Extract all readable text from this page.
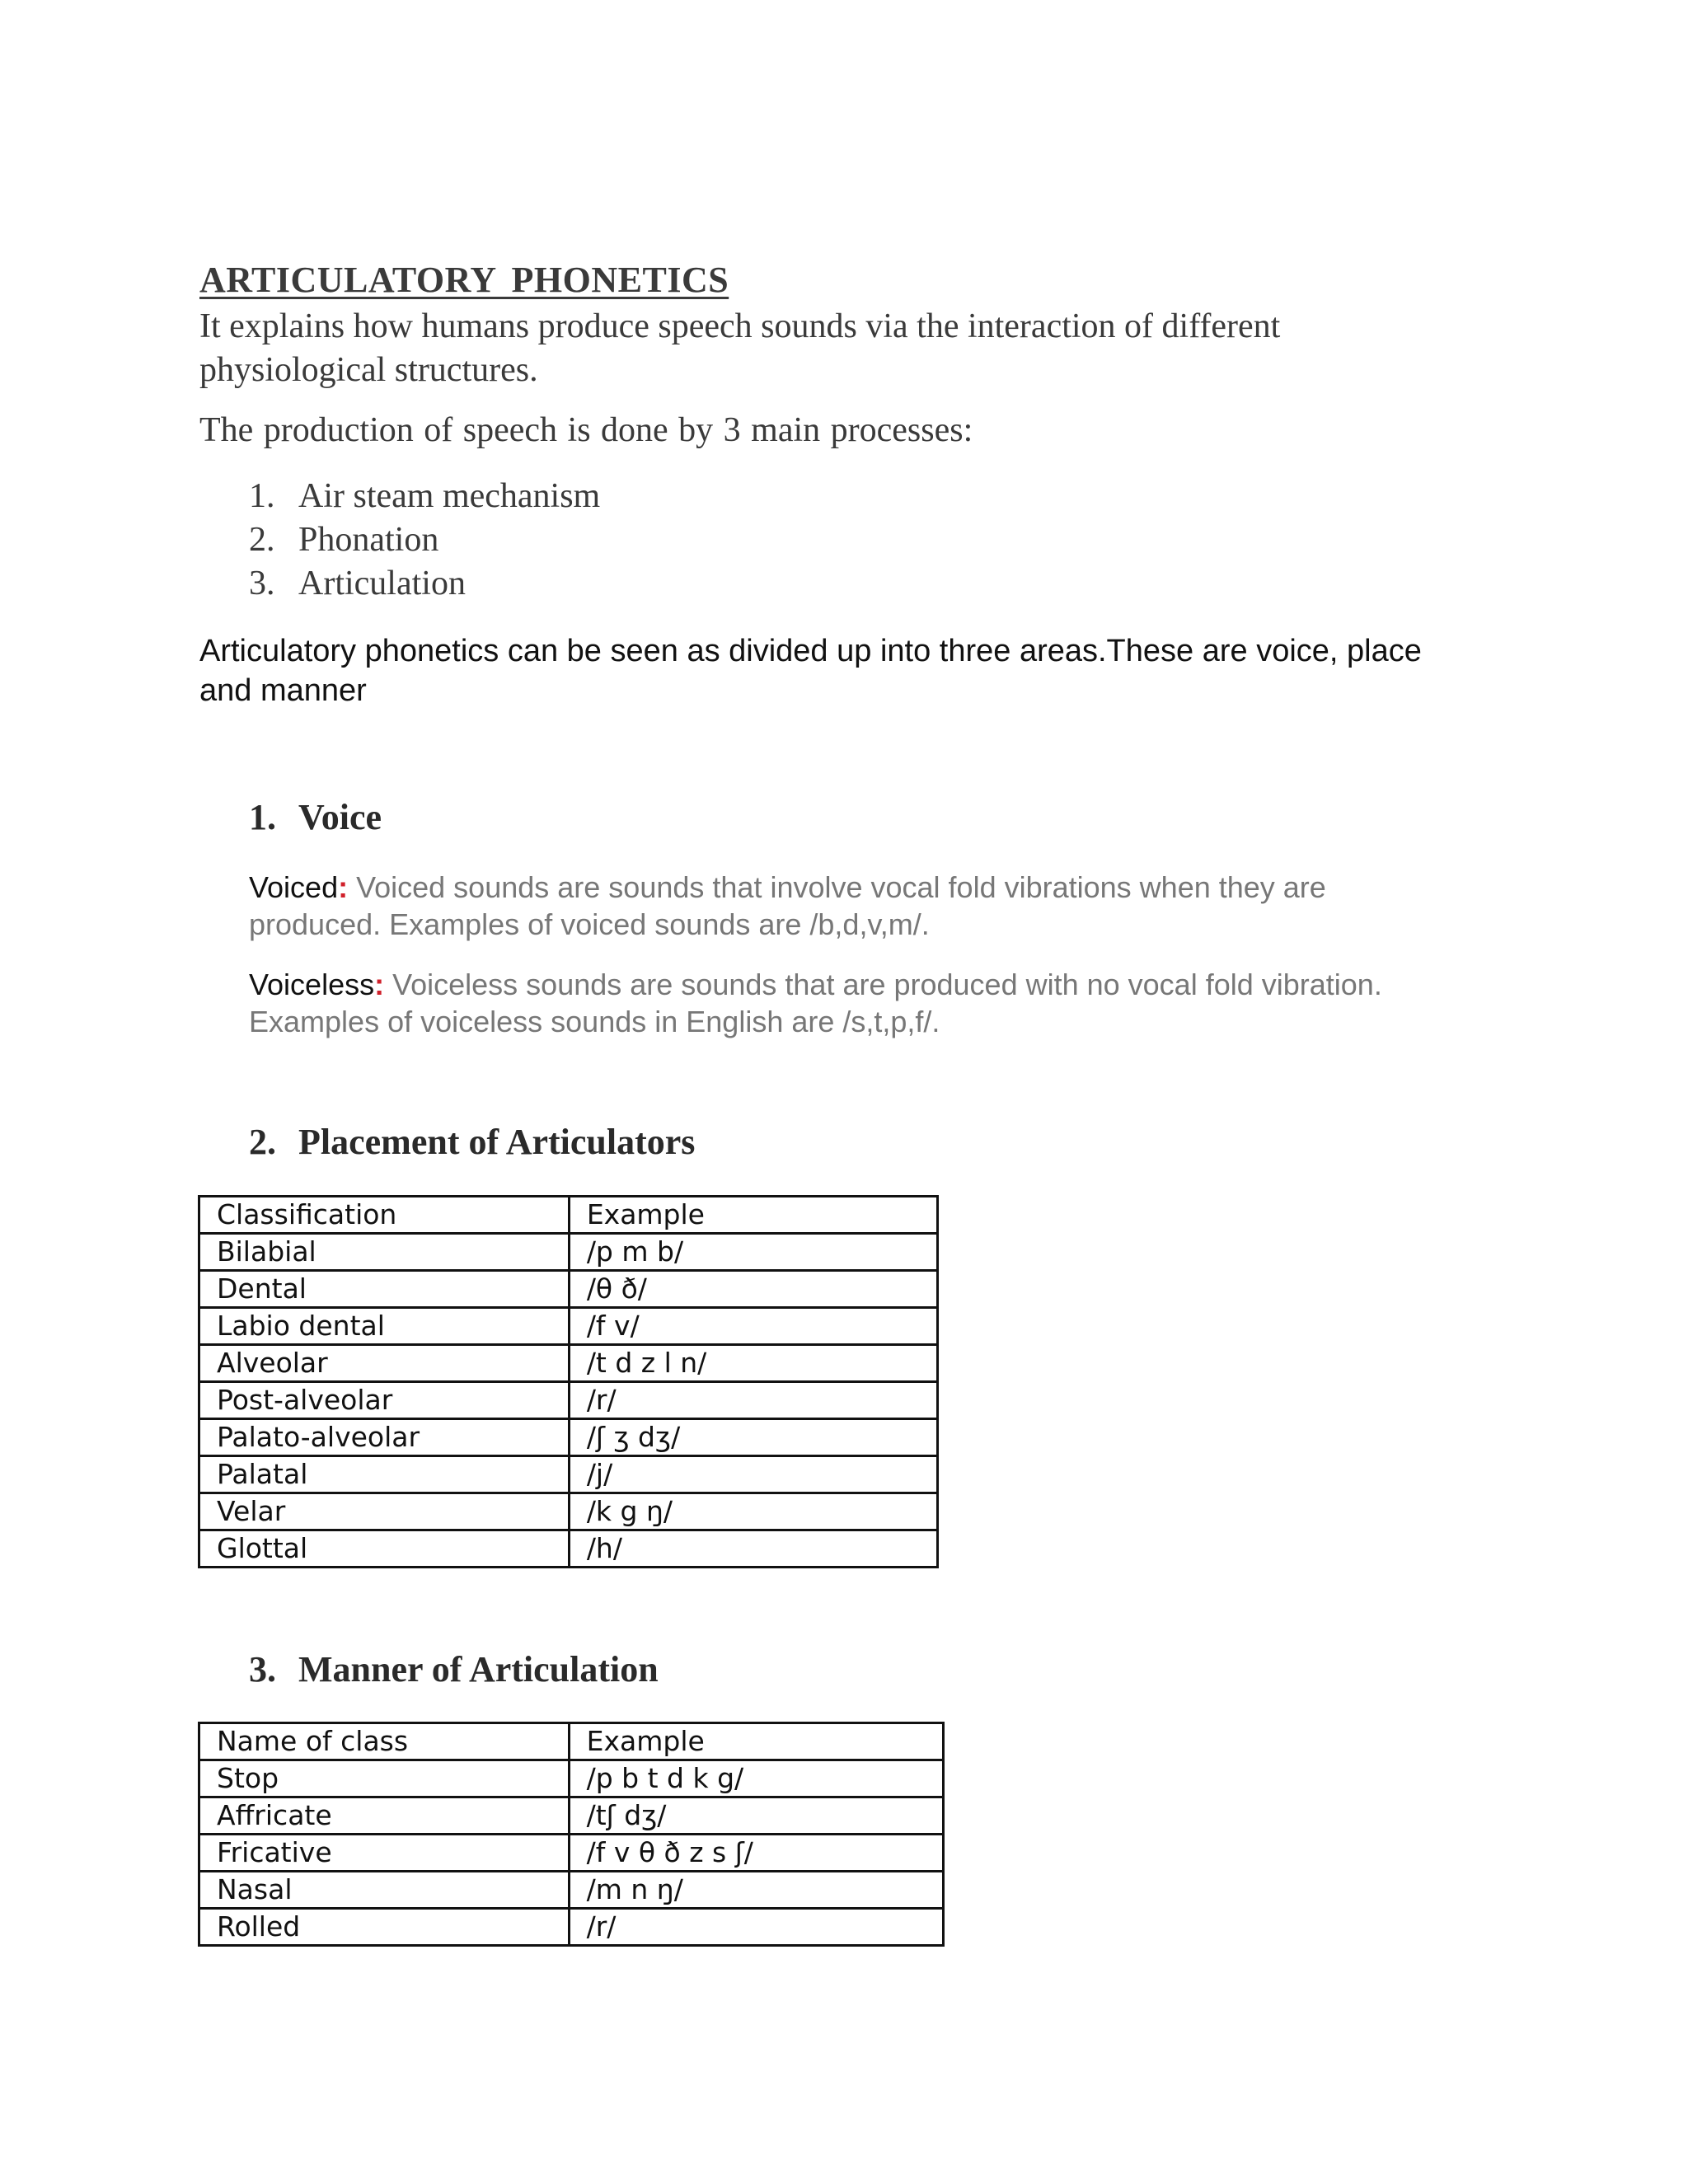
ARTICULATORY PHONETICS
It explains how humans produce speech sounds via the interaction of different physiological structures.
The production of speech is done by 3 main processes:
1. Air steam mechanism
2. Phonation
3. Articulation
Articulatory phonetics can be seen as divided up into three areas.These are voice, place and manner
1. Voice
Voiced: Voiced sounds are sounds that involve vocal fold vibrations when they are produced. Examples of voiced sounds are /b,d,v,m/.
Voiceless: Voiceless sounds are sounds that are produced with no vocal fold vibration. Examples of voiceless sounds in English are /s,t,p,f/.
2. Placement of Articulators
Classification	Example
Bilabial	/p m b/
Dental	/θ ð/
Labio dental	/f v/
Alveolar	/t d z l n/
Post-alveolar	/r/
Palato-alveolar	/ʃ ʒ dʒ/
Palatal	/j/
Velar	/k g ŋ/
Glottal	/h/
3. Manner of Articulation
Name of class	Example
Stop	/p b t d k g/
Affricate	/tʃ dʒ/
Fricative	/f v θ ð z s ʃ/
Nasal	/m n ŋ/
Rolled	/r/
